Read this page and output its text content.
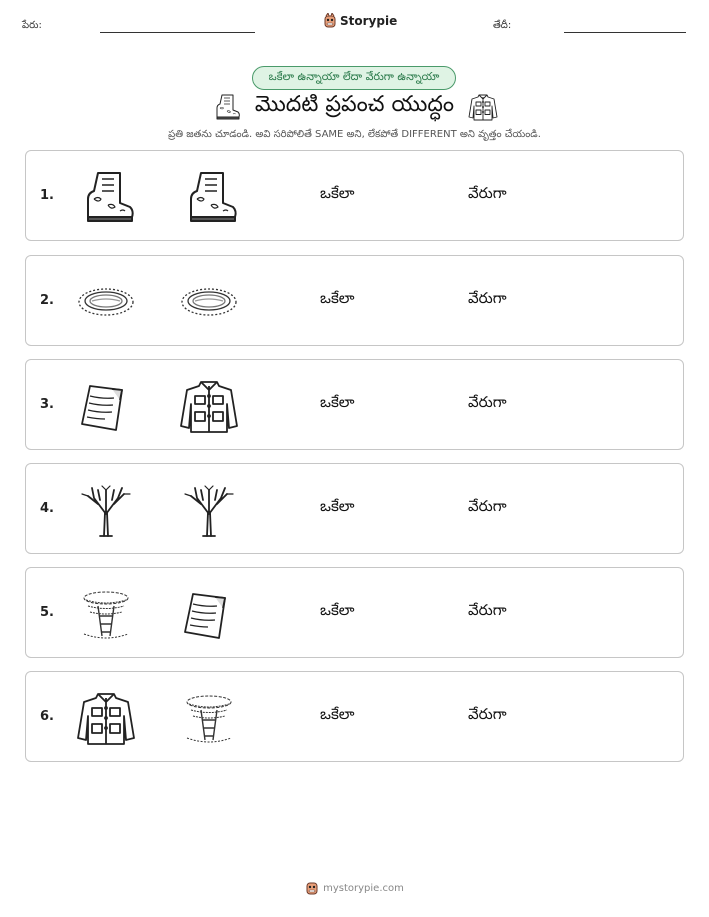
పేరు:	Storypie	తేదీ:
ఒకేలా ఉన్నాయా లేదా వేరుగా ఉన్నాయా
మొదటి ప్రపంచ యుద్ధం
ప్రతి జతను చూడండి. అవి సరిపోలితే SAME అని, లేకపోతే DIFFERENT అని వృత్తం చేయండి.
1.	ఒకేలా	వేరుగా
2.	ఒకేలా	వేరుగా
3.	ఒకేలా	వేరుగా
4.	ఒకేలా	వేరుగా
5.	ఒకేలా	వేరుగా
6.	ఒకేలా	వేరుగా
mystorypie.com
